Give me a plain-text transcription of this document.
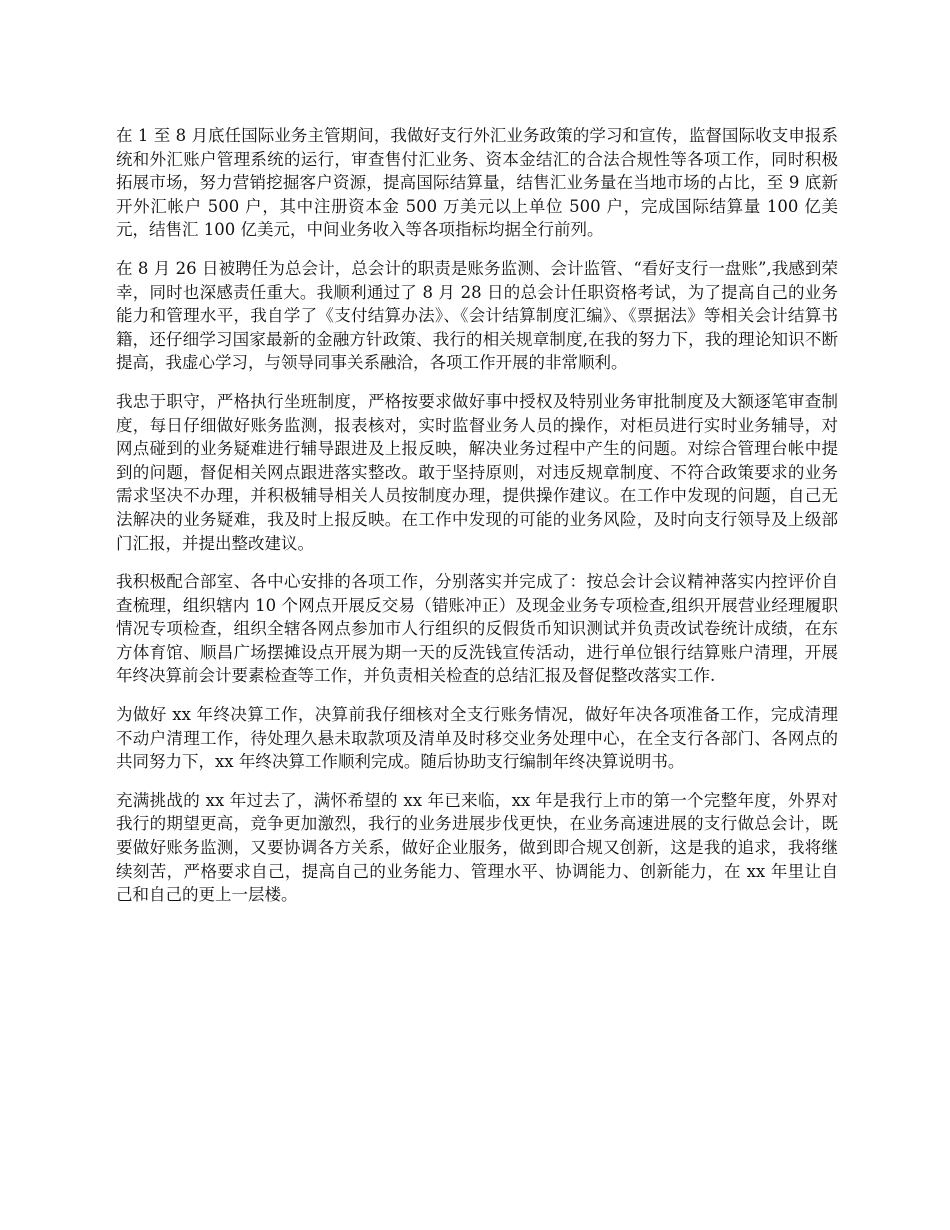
在 1 至 8 月底任国际业务主管期间，我做好支行外汇业务政策的学习和宣传，监督国际收支申报系统和外汇账户管理系统的运行，审查售付汇业务、资本金结汇的合法合规性等各项工作，同时积极拓展市场，努力营销挖掘客户资源，提高国际结算量，结售汇业务量在当地市场的占比，至 9 底新开外汇帐户 500 户，其中注册资本金 500 万美元以上单位 500 户，完成国际结算量 100 亿美元，结售汇 100 亿美元，中间业务收入等各项指标均据全行前列。

在 8 月 26 日被聘任为总会计，总会计的职责是账务监测、会计监管、“看好支行一盘账”,我感到荣幸，同时也深感责任重大。我顺利通过了 8 月 28 日的总会计任职资格考试，为了提高自己的业务能力和管理水平，我自学了《支付结算办法》、《会计结算制度汇编》、《票据法》等相关会计结算书籍，还仔细学习国家最新的金融方针政策、我行的相关规章制度,在我的努力下，我的理论知识不断提高，我虚心学习，与领导同事关系融洽，各项工作开展的非常顺利。

我忠于职守，严格执行坐班制度，严格按要求做好事中授权及特别业务审批制度及大额逐笔审查制度，每日仔细做好账务监测，报表核对，实时监督业务人员的操作，对柜员进行实时业务辅导，对网点碰到的业务疑难进行辅导跟进及上报反映，解决业务过程中产生的问题。对综合管理台帐中提到的问题，督促相关网点跟进落实整改。敢于坚持原则，对违反规章制度、不符合政策要求的业务需求坚决不办理，并积极辅导相关人员按制度办理，提供操作建议。在工作中发现的问题，自己无法解决的业务疑难，我及时上报反映。在工作中发现的可能的业务风险，及时向支行领导及上级部门汇报，并提出整改建议。

我积极配合部室、各中心安排的各项工作，分别落实并完成了：按总会计会议精神落实内控评价自查梳理，组织辖内 10 个网点开展反交易（错账冲正）及现金业务专项检查,组织开展营业经理履职情况专项检查，组织全辖各网点参加市人行组织的反假货币知识测试并负责改试卷统计成绩，在东方体育馆、顺昌广场摆摊设点开展为期一天的反洗钱宣传活动，进行单位银行结算账户清理，开展年终决算前会计要素检查等工作，并负责相关检查的总结汇报及督促整改落实工作.

为做好 xx 年终决算工作，决算前我仔细核对全支行账务情况，做好年决各项准备工作，完成清理不动户清理工作，待处理久悬未取款项及清单及时移交业务处理中心，在全支行各部门、各网点的共同努力下，xx 年终决算工作顺利完成。随后协助支行编制年终决算说明书。

充满挑战的 xx 年过去了，满怀希望的 xx 年已来临，xx 年是我行上市的第一个完整年度，外界对我行的期望更高，竞争更加激烈，我行的业务进展步伐更快，在业务高速进展的支行做总会计，既要做好账务监测，又要协调各方关系，做好企业服务，做到即合规又创新，这是我的追求，我将继续刻苦，严格要求自己，提高自己的业务能力、管理水平、协调能力、创新能力，在 xx 年里让自己和自己的更上一层楼。
